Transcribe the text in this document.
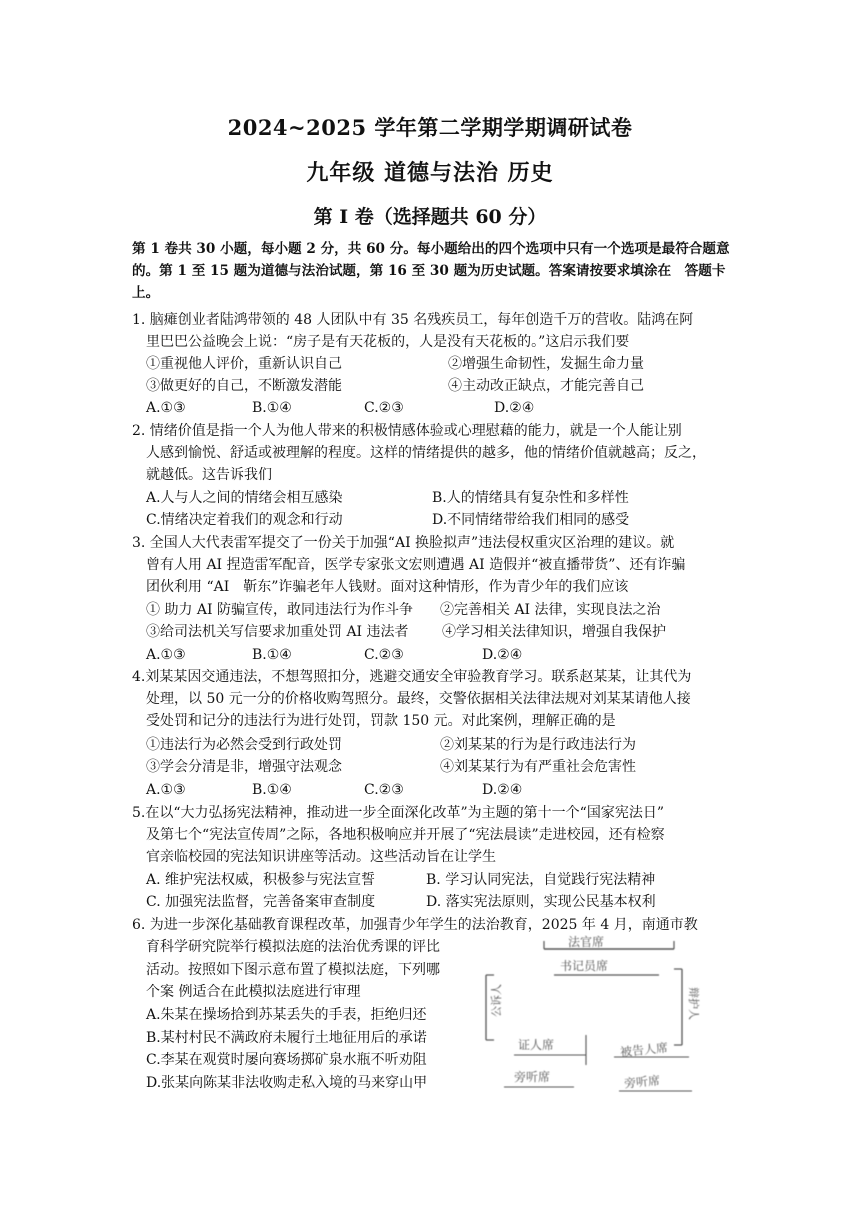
2024~2025 学年第二学期学期调研试卷
九年级 道德与法治 历史
第 I 卷（选择题共 60 分）
第 1 卷共 30 小题，每小题 2 分，共 60 分。每小题给出的四个选项中只有一个选项是最符合题意的。第 1 至 15 题为道德与法治试题，第 16 至 30 题为历史试题。答案请按要求填涂在　答题卡上。
1. 脑瘫创业者陆鸿带领的 48 人团队中有 35 名残疾员工，每年创造千万的营收。陆鸿在阿
里巴巴公益晚会上说：“房子是有天花板的，人是没有天花板的。”这启示我们要
①重视他人评价，重新认识自己	②增强生命韧性，发掘生命力量
③做更好的自己，不断激发潜能	④主动改正缺点，才能完善自己
A.①③	B.①④	C.②③	D.②④
2. 情绪价值是指一个人为他人带来的积极情感体验或心理慰藉的能力，就是一个人能让别
人感到愉悦、舒适或被理解的程度。这样的情绪提供的越多，他的情绪价值就越高；反之，
就越低。这告诉我们
A.人与人之间的情绪会相互感染	B.人的情绪具有复杂性和多样性
C.情绪决定着我们的观念和行动	D.不同情绪带给我们相同的感受
3. 全国人大代表雷军提交了一份关于加强“AI 换脸拟声”违法侵权重灾区治理的建议。就
曾有人用 AI 捏造雷军配音，医学专家张文宏则遭遇 AI 造假并“被直播带货”、还有诈骗
团伙利用 “AI　靳东”诈骗老年人钱财。面对这种情形，作为青少年的我们应该
① 助力 AI 防骗宣传，敢同违法行为作斗争 ②完善相关 AI 法律，实现良法之治
③给司法机关写信要求加重处罚 AI 违法者 ④学习相关法律知识，增强自我保护
A.①③	B.①④	C.②③	D.②④
4.刘某某因交通违法，不想驾照扣分，逃避交通安全审验教育学习。联系赵某某，让其代为
处理，以 50 元一分的价格收购驾照分。最终，交警依据相关法律法规对刘某某请他人接
受处罚和记分的违法行为进行处罚，罚款 150 元。对此案例，理解正确的是
①违法行为必然会受到行政处罚	②刘某某的行为是行政违法行为
③学会分清是非，增强守法观念	④刘某某行为有严重社会危害性
A.①③	B.①④	C.②③	D.②④
5.在以“大力弘扬宪法精神，推动进一步全面深化改革”为主题的第十一个“国家宪法日”
及第七个“宪法宣传周”之际，各地积极响应并开展了“宪法晨读”走进校园，还有检察
官亲临校园的宪法知识讲座等活动。这些活动旨在让学生
A. 维护宪法权威，积极参与宪法宣誓	B. 学习认同宪法，自觉践行宪法精神
C. 加强宪法监督，完善备案审查制度	D. 落实宪法原则，实现公民基本权利
6. 为进一步深化基础教育课程改革，加强青少年学生的法治教育，2025 年 4 月，南通市教
育科学研究院举行模拟法庭的法治优秀课的评比
活动。按照如下图示意布置了模拟法庭，下列哪
个案 例适合在此模拟法庭进行审理
A.朱某在操场拾到苏某丢失的手表，拒绝归还
B.某村村民不满政府未履行土地征用后的承诺
C.李某在观赏时屡向赛场掷矿泉水瓶不听劝阻
D.张某向陈某非法收购走私入境的马来穿山甲
法官席
书记员席
公诉人	辩护人
证人席	被告人席
旁听席	旁听席
